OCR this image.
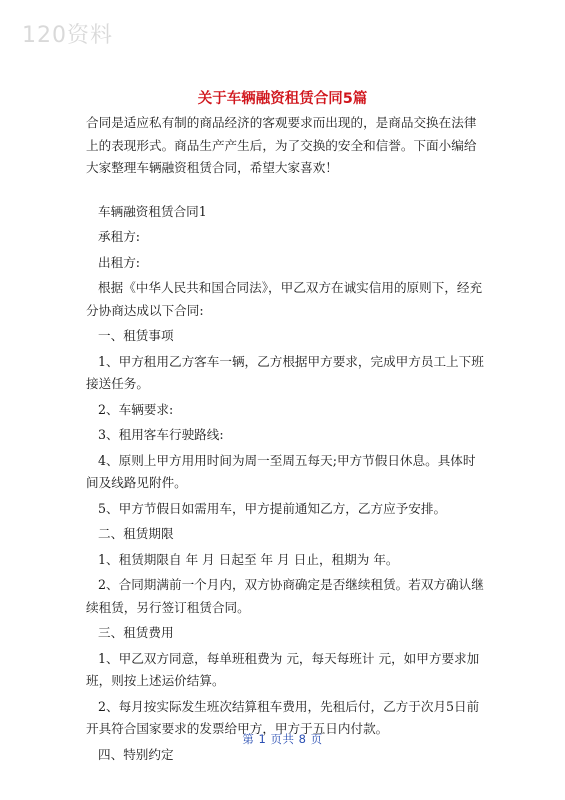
120资料
关于车辆融资租赁合同5篇

合同是适应私有制的商品经济的客观要求而出现的，是商品交换在法律上的表现形式。商品生产产生后，为了交换的安全和信誉。下面小编给大家整理车辆融资租赁合同，希望大家喜欢！

车辆融资租赁合同1

承租方:

出租方:

根据《中华人民共和国合同法》，甲乙双方在诚实信用的原则下，经充分协商达成以下合同:

一、租赁事项

1、甲方租用乙方客车一辆，乙方根据甲方要求，完成甲方员工上下班接送任务。

2、车辆要求:

3、租用客车行驶路线:

4、原则上甲方用用时间为周一至周五每天;甲方节假日休息。具体时间及线路见附件。

5、甲方节假日如需用车，甲方提前通知乙方，乙方应予安排。

二、租赁期限

1、租赁期限自 年 月 日起至 年 月 日止，租期为 年。

2、合同期满前一个月内，双方协商确定是否继续租赁。若双方确认继续租赁，另行签订租赁合同。

三、租赁费用

1、甲乙双方同意，每单班租费为 元，每天每班计 元，如甲方要求加班，则按上述运价结算。

2、每月按实际发生班次结算租车费用，先租后付，乙方于次月5日前开具符合国家要求的发票给甲方，甲方于五日内付款。

四、特别约定

第 1 页共 8 页
